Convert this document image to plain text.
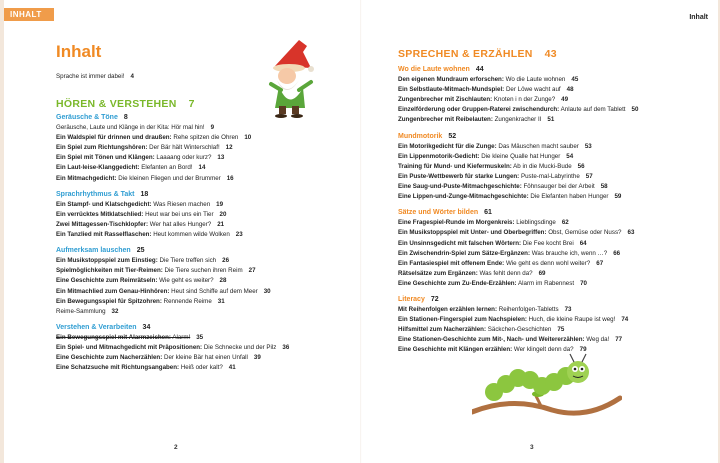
INHALT
Inhalt
Sprache ist immer dabei! 4
HÖREN & VERSTEHEN 7
Geräusche & Töne 8
Geräusche, Laute und Klänge in der Kita: Hör mal hin! 9
Ein Waldspiel für drinnen und draußen: Rehe spitzen die Ohren 10
Ein Spiel zum Richtungshören: Der Bär hält Winterschlaf! 12
Ein Spiel mit Tönen und Klängen: Laaaang oder kurz? 13
Ein Laut-leise-Klanggedicht: Elefanten an Bord! 14
Ein Mitmachgedicht: Die kleinen Fliegen und der Brummer 16
Sprachrhythmus & Takt 18
Ein Stampf- und Klatschgedicht: Was Riesen machen 19
Ein verrücktes Mitklatschlied: Heut war bei uns ein Tier 20
Zwei Mittagessen-Tischklopfer: Wer hat alles Hunger? 21
Ein Tanzlied mit Rasselflaschen: Heut kommen wilde Wolken 23
Aufmerksam lauschen 25
Ein Musikstoppspiel zum Einstieg: Die Tiere treffen sich 26
Spielmöglichkeiten mit Tier-Reimen: Die Tiere suchen ihren Reim 27
Eine Geschichte zum Reimrätseln: Wie geht es weiter? 28
Ein Mitmachlied zum Genau-Hinhören: Heut sind Schiffe auf dem Meer 30
Ein Bewegungsspiel für Spitzohren: Rennende Reime 31
Reime-Sammlung 32
Verstehen & Verarbeiten 34
Ein Bewegungsspiel mit Alarmzeichen: Alarm! 35
Ein Spiel- und Mitmachgedicht mit Präpositionen: Die Schnecke und der Pilz 36
Eine Geschichte zum Nacherzählen: Der kleine Bär hat einen Unfall 39
Eine Schatzsuche mit Richtungsangaben: Heiß oder kalt? 41
2
Inhalt
SPRECHEN & ERZÄHLEN 43
Wo die Laute wohnen 44
Den eigenen Mundraum erforschen: Wo die Laute wohnen 45
Ein Selbstlaute-Mitmach-Mundspiel: Der Löwe wacht auf 48
Zungenbrecher mit Zischlauten: Knoten i n der Zunge? 49
Einzelförderung oder Gruppen-Raterei zwischendurch: Anlaute auf dem Tablett 50
Zungenbrecher mit Reibelauten: Zungenkracher II 51
Mundmotorik 52
Ein Motorikgedicht für die Zunge: Das Mäuschen macht sauber 53
Ein Lippenmotorik-Gedicht: Die kleine Qualle hat Hunger 54
Training für Mund- und Kiefermuskeln: Ab in die Mucki-Bude 56
Ein Puste-Wettbewerb für starke Lungen: Puste-mal-Labyrinthe 57
Eine Saug-und-Puste-Mitmachgeschichte: Föhnsauger bei der Arbeit 58
Eine Lippen-und-Zunge-Mitmachgeschichte: Die Elefanten haben Hunger 59
Sätze und Wörter bilden 61
Eine Fragespiel-Runde im Morgenkreis: Lieblingsdinge 62
Ein Musikstoppspiel mit Unter- und Oberbegriffen: Obst, Gemüse oder Nuss? 63
Ein Unsinnsgedicht mit falschen Wörtern: Die Fee kocht Brei 64
Ein Zwischendrin-Spiel zum Sätze-Ergänzen: Was brauche ich, wenn …? 66
Ein Fantasiespiel mit offenem Ende: Wie geht es denn wohl weiter? 67
Rätselsätze zum Ergänzen: Was fehlt denn da? 69
Eine Geschichte zum Zu-Ende-Erzählen: Alarm im Rabennest 70
Literacy 72
Mit Reihenfolgen erzählen lernen: Reihenfolgen-Tabletts 73
Ein Stationen-Fingerspiel zum Nachspielen: Huch, die kleine Raupe ist weg! 74
Hilfsmittel zum Nacherzählen: Säckchen-Geschichten 75
Eine Stationen-Geschichte zum Mit-, Nach- und Weitererzählen: Weg da! 77
Eine Geschichte mit Klängen erzählen: Wer klingelt denn da? 79
3
